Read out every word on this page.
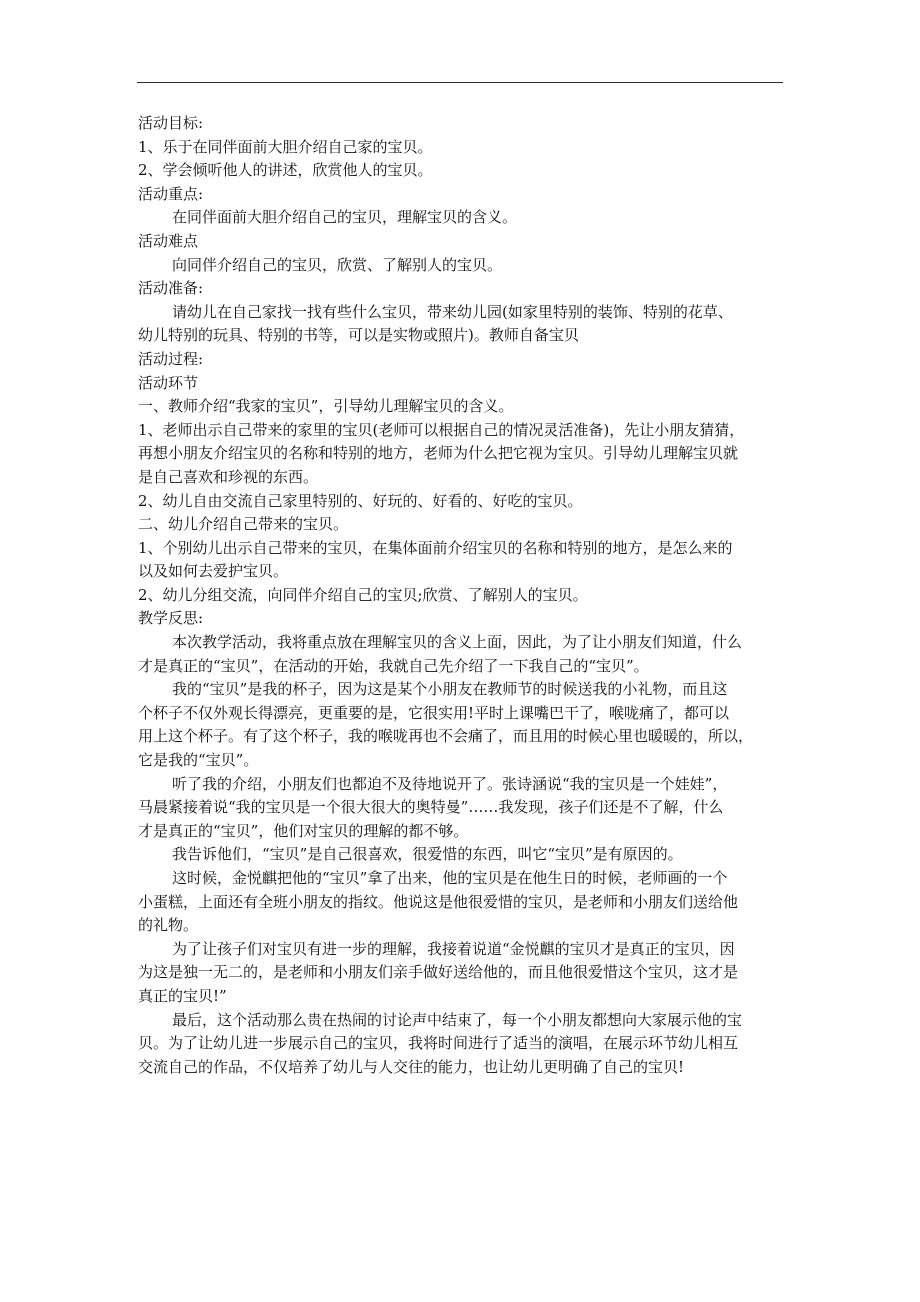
活动目标:
1、乐于在同伴面前大胆介绍自己家的宝贝。
2、学会倾听他人的讲述，欣赏他人的宝贝。
活动重点:
在同伴面前大胆介绍自己的宝贝，理解宝贝的含义。
活动难点
向同伴介绍自己的宝贝，欣赏、了解别人的宝贝。
活动准备:
请幼儿在自己家找一找有些什么宝贝，带来幼儿园(如家里特别的装饰、特别的花草、
幼儿特别的玩具、特别的书等，可以是实物或照片)。教师自备宝贝
活动过程:
活动环节
一、教师介绍“我家的宝贝”，引导幼儿理解宝贝的含义。
1、老师出示自己带来的家里的宝贝(老师可以根据自己的情况灵活准备)，先让小朋友猜猜，
再想小朋友介绍宝贝的名称和特别的地方，老师为什么把它视为宝贝。引导幼儿理解宝贝就
是自己喜欢和珍视的东西。
2、幼儿自由交流自己家里特别的、好玩的、好看的、好吃的宝贝。
二、幼儿介绍自己带来的宝贝。
1、个别幼儿出示自己带来的宝贝，在集体面前介绍宝贝的名称和特别的地方，是怎么来的
以及如何去爱护宝贝。
2、幼儿分组交流，向同伴介绍自己的宝贝;欣赏、了解别人的宝贝。
教学反思:
本次教学活动，我将重点放在理解宝贝的含义上面，因此，为了让小朋友们知道，什么
才是真正的“宝贝”，在活动的开始，我就自己先介绍了一下我自己的“宝贝”。
我的“宝贝”是我的杯子，因为这是某个小朋友在教师节的时候送我的小礼物，而且这
个杯子不仅外观长得漂亮，更重要的是，它很实用!平时上课嘴巴干了，喉咙痛了，都可以
用上这个杯子。有了这个杯子，我的喉咙再也不会痛了，而且用的时候心里也暖暖的，所以，
它是我的“宝贝”。
听了我的介绍，小朋友们也都迫不及待地说开了。张诗涵说“我的宝贝是一个娃娃”，
马晨紧接着说“我的宝贝是一个很大很大的奥特曼”……我发现，孩子们还是不了解，什么
才是真正的“宝贝”，他们对宝贝的理解的都不够。
我告诉他们，“宝贝”是自己很喜欢，很爱惜的东西，叫它“宝贝”是有原因的。
这时候，金悦麒把他的“宝贝”拿了出来，他的宝贝是在他生日的时候，老师画的一个
小蛋糕，上面还有全班小朋友的指纹。他说这是他很爱惜的宝贝，是老师和小朋友们送给他
的礼物。
为了让孩子们对宝贝有进一步的理解，我接着说道“金悦麒的宝贝才是真正的宝贝，因
为这是独一无二的，是老师和小朋友们亲手做好送给他的，而且他很爱惜这个宝贝，这才是
真正的宝贝!”
最后，这个活动那么贵在热闹的讨论声中结束了，每一个小朋友都想向大家展示他的宝
贝。为了让幼儿进一步展示自己的宝贝，我将时间进行了适当的演唱，在展示环节幼儿相互
交流自己的作品，不仅培养了幼儿与人交往的能力，也让幼儿更明确了自己的宝贝!
